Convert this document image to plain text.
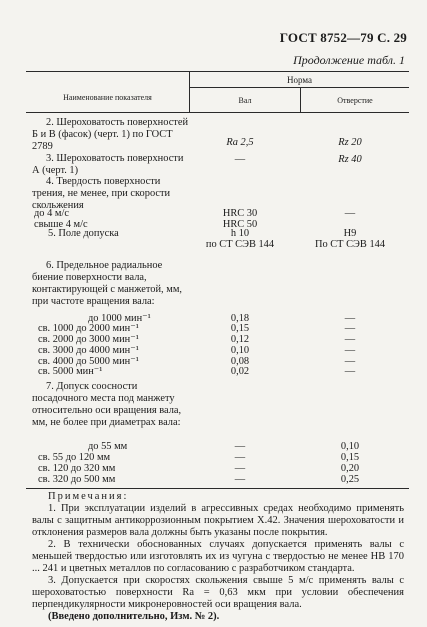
ГОСТ 8752—79 С. 29
Продолжение табл. 1
Наименование показателя
Норма
Вал	Отверстие
2. Шероховатость поверхностей Б и В (фасок) (черт. 1) по ГОСТ 2789	Ra 2,5	Rz 20
3. Шероховатость поверхности А (черт. 1)
—	Rz 40
4. Твердость поверхности трения, не менее, при скорости скольжения
до 4 м/с	HRC 30	—
свыше 4 м/с	HRC 50
5. Поле допуска	h 10	H9
по СТ СЭВ 144	По СТ СЭВ 144
6. Предельное радиальное биение поверхности вала, контактирующей с манжетой, мм, при частоте вращения вала:
до 1000 мин⁻¹	0,18	—
св. 1000 до 2000 мин⁻¹	0,15	—
св. 2000 до 3000 мин⁻¹	0,12	—
св. 3000 до 4000 мин⁻¹	0,10	—
св. 4000 до 5000 мин⁻¹	0,08	—
св. 5000 мин⁻¹	0,02	—
7. Допуск соосности посадочного места под манжету относительно оси вращения вала, мм, не более при диаметрах вала:
до 55 мм	—	0,10
св. 55 до 120 мм	—	0,15
св. 120 до 320 мм	—	0,20
св. 320 до 500 мм	—	0,25

Примечания:

1. При эксплуатации изделий в агрессивных средах необходимо применять валы с защитным антикоррозионным покрытием Х.42. Значения шероховатости и отклонения размеров вала должны быть указаны после покрытия.

2. В технически обоснованных случаях допускается применять валы с меньшей твердостью или изготовлять их из чугуна с твердостью не менее НВ 170 ... 241 и цветных металлов по согласованию с разработчиком стандарта.

3. Допускается при скоростях скольжения свыше 5 м/с применять валы с шероховатостью поверхности Ra = 0,63 мкм при условии обеспечения перпендикулярности микронеровностей оси вращения вала.

(Введено дополнительно, Изм. № 2).
